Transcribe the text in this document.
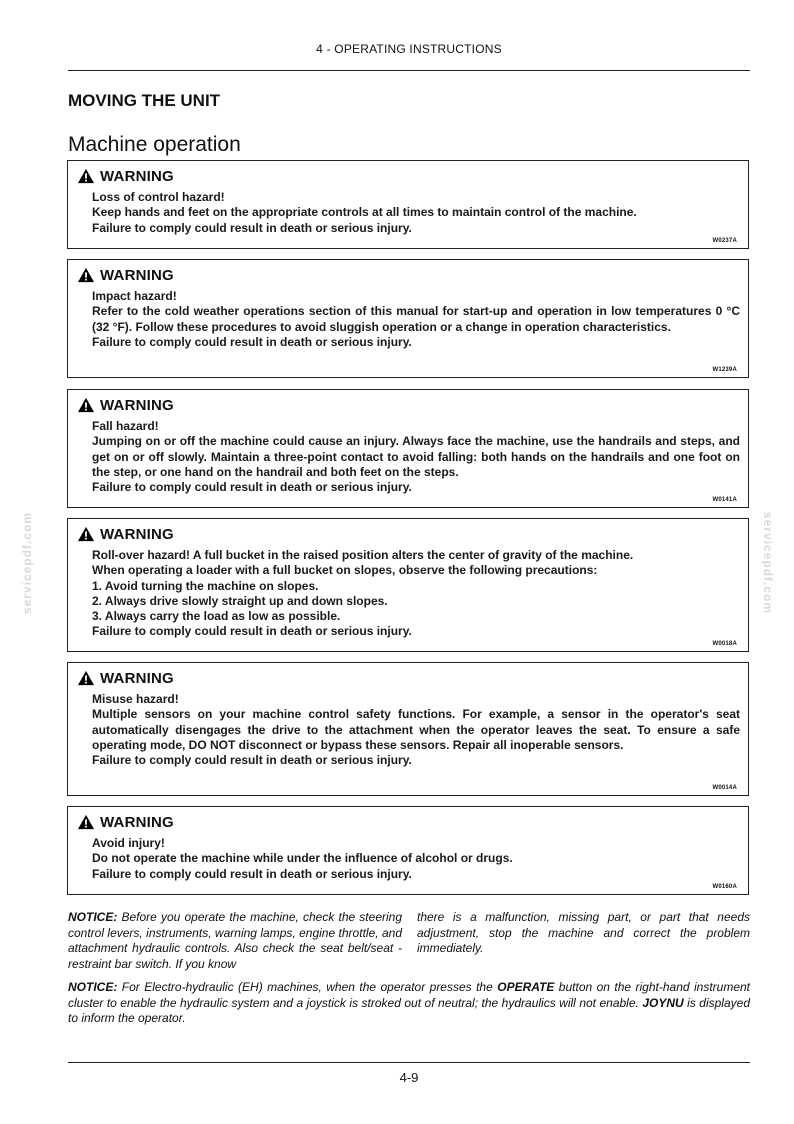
4 - OPERATING INSTRUCTIONS
servicepdf.com	servicepdf.com
MOVING THE UNIT
Machine operation
WARNING

Loss of control hazard!

Keep hands and feet on the appropriate controls at all times to maintain control of the machine.

Failure to comply could result in death or serious injury.

W0237A
WARNING

Impact hazard!

Refer to the cold weather operations section of this manual for start-up and operation in low temperatures 0 °C (32 °F). Follow these procedures to avoid sluggish operation or a change in operation characteristics.

Failure to comply could result in death or serious injury.

W1239A
WARNING

Fall hazard!

Jumping on or off the machine could cause an injury. Always face the machine, use the handrails and steps, and get on or off slowly. Maintain a three-point contact to avoid falling: both hands on the handrails and one foot on the step, or one hand on the handrail and both feet on the steps.

Failure to comply could result in death or serious injury.

W0141A
WARNING

Roll-over hazard! A full bucket in the raised position alters the center of gravity of the machine.

When operating a loader with a full bucket on slopes, observe the following precautions:

1. Avoid turning the machine on slopes.

2. Always drive slowly straight up and down slopes.

3. Always carry the load as low as possible.

Failure to comply could result in death or serious injury.

W0018A
WARNING

Misuse hazard!

Multiple sensors on your machine control safety functions. For example, a sensor in the operator's seat automatically disengages the drive to the attachment when the operator leaves the seat. To ensure a safe operating mode, DO NOT disconnect or bypass these sensors. Repair all inoperable sensors.

Failure to comply could result in death or serious injury.

W0014A
WARNING

Avoid injury!

Do not operate the machine while under the influence of alcohol or drugs.

Failure to comply could result in death or serious injury.

W0160A
NOTICE: Before you operate the machine, check the steering control levers, instruments, warning lamps, engine throttle, and attachment hydraulic controls. Also check the seat belt/seat - restraint bar switch. If you know
there is a malfunction, missing part, or part that needs adjustment, stop the machine and correct the problem immediately.
NOTICE: For Electro-hydraulic (EH) machines, when the operator presses the OPERATE button on the right-hand instrument cluster to enable the hydraulic system and a joystick is stroked out of neutral; the hydraulics will not enable. JOYNU is displayed to inform the operator.
4-9
